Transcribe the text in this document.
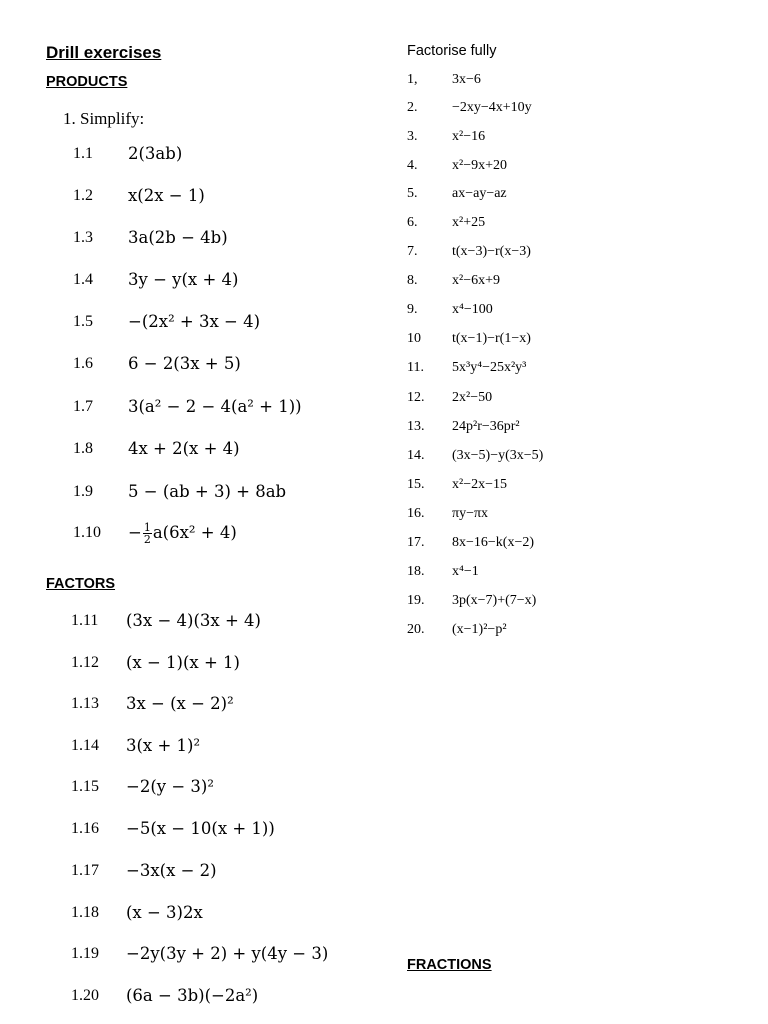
Drill exercises
PRODUCTS
1. Simplify:
1.1 2(3ab)
1.2 x(2x − 1)
1.3 3a(2b − 4b)
1.4 3y − y(x + 4)
1.5 −(2x² + 3x − 4)
1.6 6 − 2(3x + 5)
1.7 3(a² − 2 − 4(a² + 1))
1.8 4x + 2(x + 4)
1.9 5 − (ab + 3) + 8ab
$1.10 - \frac{1}{2} a(6x^2 + 4)$
FACTORS
1.11 (3x − 4)(3x + 4)
1.12 (x − 1)(x + 1)
1.13 3x − (x − 2)²
1.14 3(x + 1)²
1.15 −2(y − 3)²
1.16 −5(x − 10(x + 1))
1.17 −3x(x − 2)
1.18 (x − 3)2x
1.19 −2y(3y + 2) + y(4y − 3)
1.20 (6a − 3b)(−2a²)
Factorise fully
1, 3x−6
2. −2xy−4x+10y
3. x²−16
4. x²−9x+20
5. ax−ay−az
6. x²+25
7. t(x−3)−r(x−3)
8. x²−6x+9
9. x⁴−100
10 t(x−1)−r(1−x)
11. 5x³y⁴−25x²y³
12. 2x²−50
13. 24p²r−36pr²
14. (3x−5)−y(3x−5)
15. x²−2x−15
16. πy−πx
17. 8x−16−k(x−2)
18. x⁴−1
19. 3p(x−7)+(7−x)
20. (x−1)²−p²
FRACTIONS
